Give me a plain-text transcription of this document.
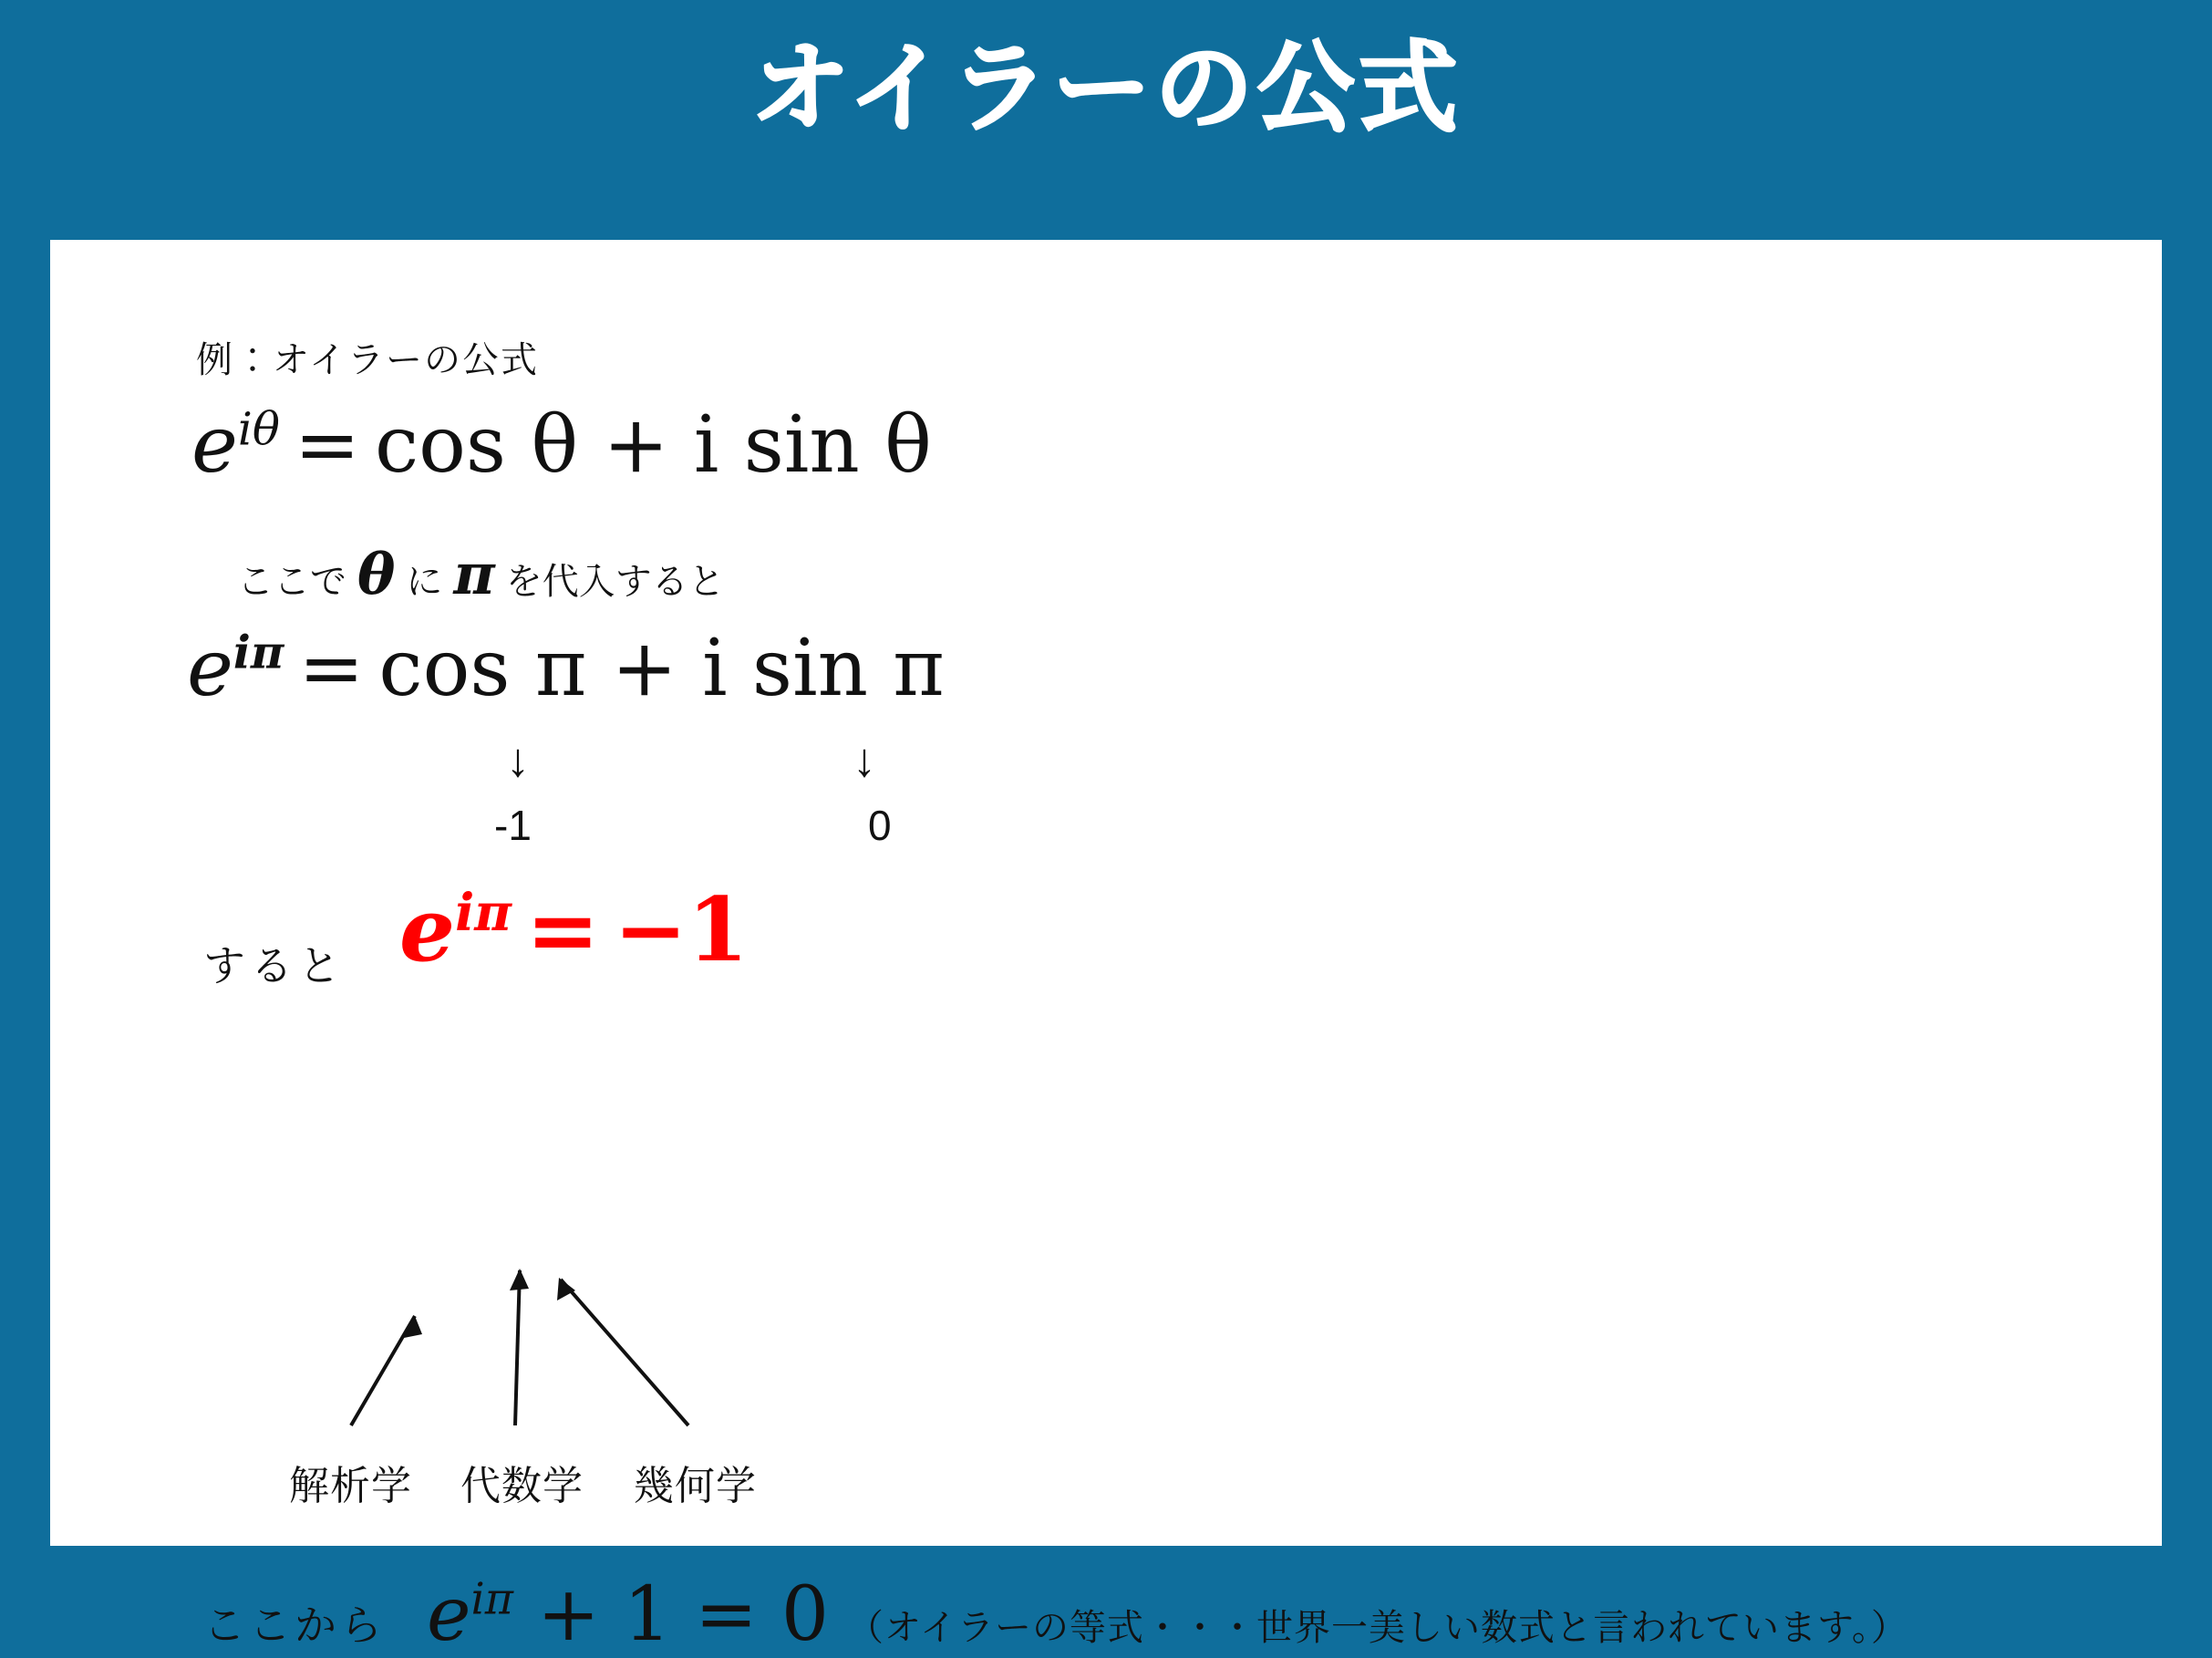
オイラーの公式
例：オイラーの公式
$e^{i\theta} = \cos \theta + i$ sin θ
ここで θ に π を代入すると
$e^{i\pi} = \cos \pi + i$ sin π
↓
-1
↓
0
すると $e^{i\pi} = -1$
解析学 代数学 幾何学
ここから $e^{i\pi} + 1 = 0$ （オイラーの等式・・・世界一美しい数式と言われています。）
